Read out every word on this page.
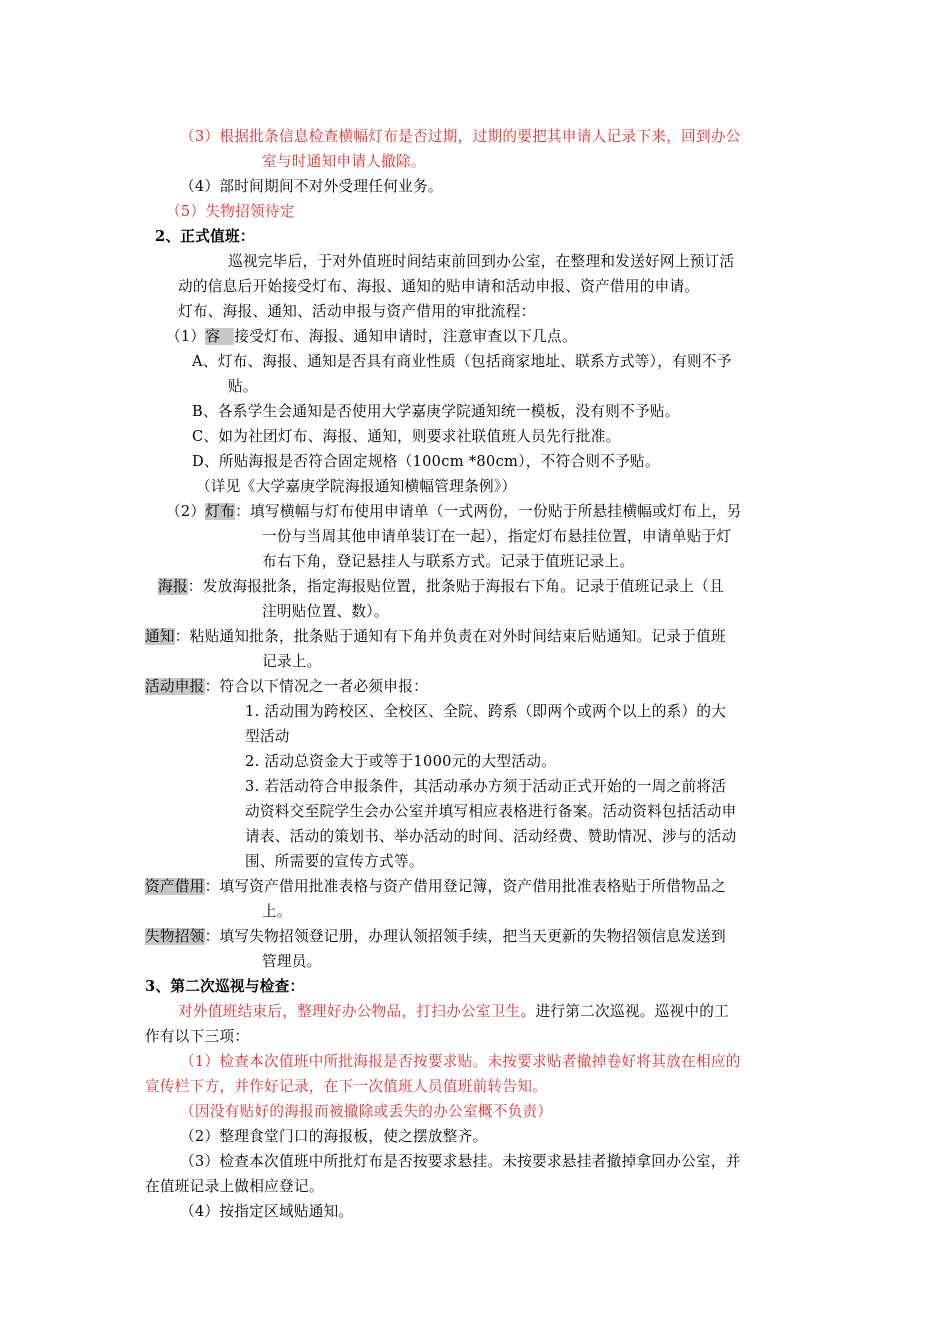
（3）根据批条信息检查横幅灯布是否过期，过期的要把其申请人记录下来，回到办公
室与时通知申请人撤除。
（4）部时间期间不对外受理任何业务。
（5）失物招领待定
2、正式值班：
巡视完毕后，于对外值班时间结束前回到办公室，在整理和发送好网上预订活
动的信息后开始接受灯布、海报、通知的贴申请和活动申报、资产借用的申请。
灯布、海报、通知、活动申报与资产借用的审批流程：
（1）容 接受灯布、海报、通知申请时，注意审查以下几点。
A、灯布、海报、通知是否具有商业性质（包括商家地址、联系方式等），有则不予
贴。
B、各系学生会通知是否使用大学嘉庚学院通知统一模板，没有则不予贴。
C、如为社团灯布、海报、通知，则要求社联值班人员先行批准。
D、所贴海报是否符合固定规格（100cm *80cm），不符合则不予贴。
（详见《大学嘉庚学院海报通知横幅管理条例》）
（2）灯布：填写横幅与灯布使用申请单（一式两份，一份贴于所悬挂横幅或灯布上，另
一份与当周其他申请单装订在一起），指定灯布悬挂位置，申请单贴于灯
布右下角，登记悬挂人与联系方式。记录于值班记录上。
海报：发放海报批条，指定海报贴位置，批条贴于海报右下角。记录于值班记录上（且
注明贴位置、数）。
通知：粘贴通知批条，批条贴于通知有下角并负责在对外时间结束后贴通知。记录于值班
记录上。
活动申报：符合以下情况之一者必须申报：
1. 活动围为跨校区、全校区、全院、跨系（即两个或两个以上的系）的大
型活动
2. 活动总资金大于或等于1000元的大型活动。
3. 若活动符合申报条件，其活动承办方须于活动正式开始的一周之前将活
动资料交至院学生会办公室并填写相应表格进行备案。活动资料包括活动申
请表、活动的策划书、举办活动的时间、活动经费、赞助情况、涉与的活动
围、所需要的宣传方式等。
资产借用：填写资产借用批准表格与资产借用登记簿，资产借用批准表格贴于所借物品之
上。
失物招领：填写失物招领登记册，办理认领招领手续，把当天更新的失物招领信息发送到
管理员。
3、第二次巡视与检查：
对外值班结束后，整理好办公物品，打扫办公室卫生。进行第二次巡视。巡视中的工
作有以下三项：
（1）检查本次值班中所批海报是否按要求贴。未按要求贴者撤掉卷好将其放在相应的
宣传栏下方，并作好记录，在下一次值班人员值班前转告知。
（因没有贴好的海报而被撤除或丢失的办公室概不负责）
（2）整理食堂门口的海报板，使之摆放整齐。
（3）检查本次值班中所批灯布是否按要求悬挂。未按要求悬挂者撤掉拿回办公室，并
在值班记录上做相应登记。
（4）按指定区域贴通知。
